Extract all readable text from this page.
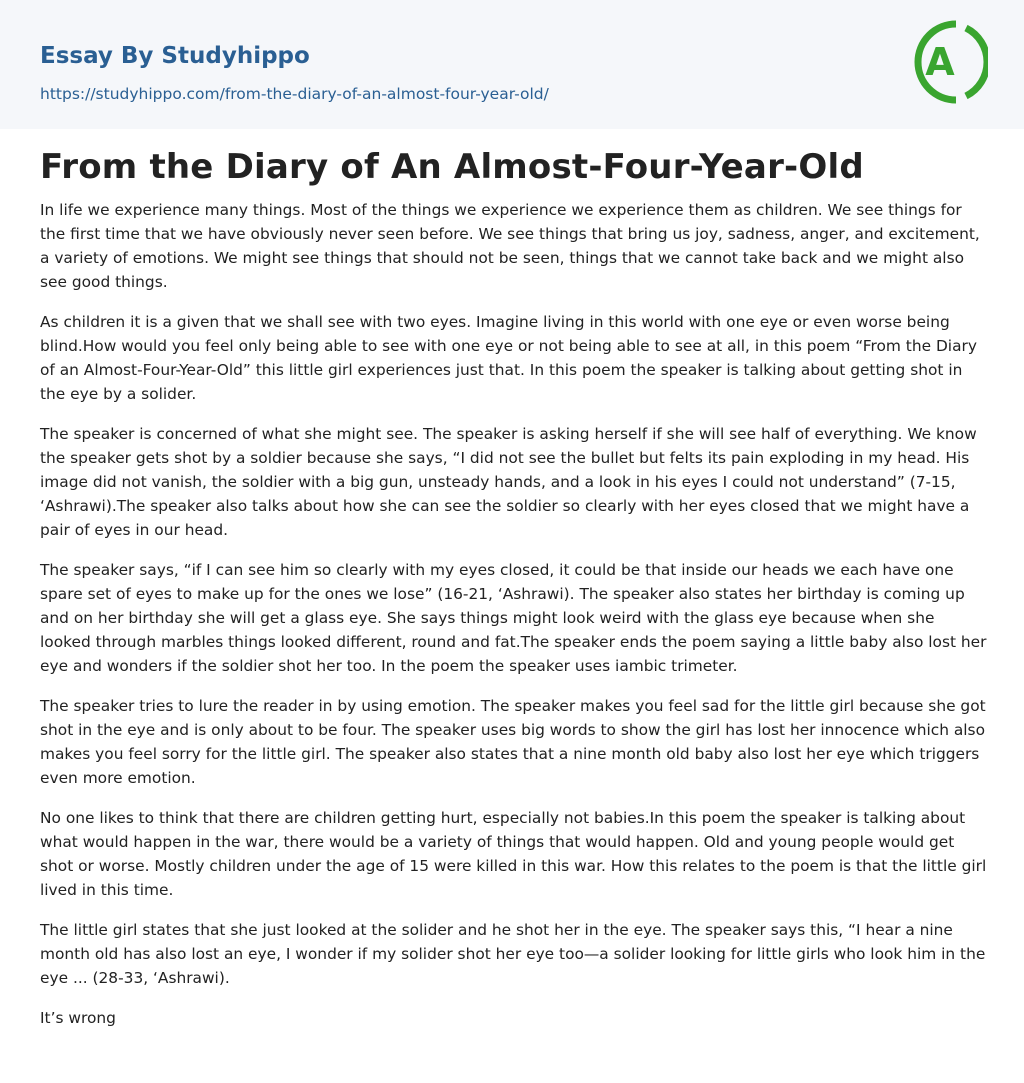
Essay By Studyhippo
https://studyhippo.com/from-the-diary-of-an-almost-four-year-old/
A
From the Diary of An Almost-Four-Year-Old

In life we experience many things. Most of the things we experience we experience them as children. We see things for the first time that we have obviously never seen before. We see things that bring us joy, sadness, anger, and excitement, a variety of emotions. We might see things that should not be seen, things that we cannot take back and we might also see good things.

As children it is a given that we shall see with two eyes. Imagine living in this world with one eye or even worse being blind.How would you feel only being able to see with one eye or not being able to see at all, in this poem “From the Diary of an Almost-Four-Year-Old” this little girl experiences just that. In this poem the speaker is talking about getting shot in the eye by a solider.

The speaker is concerned of what she might see. The speaker is asking herself if she will see half of everything. We know the speaker gets shot by a soldier because she says, “I did not see the bullet but felts its pain exploding in my head. His image did not vanish, the soldier with a big gun, unsteady hands, and a look in his eyes I could not understand” (7-15, ‘Ashrawi).The speaker also talks about how she can see the soldier so clearly with her eyes closed that we might have a pair of eyes in our head.

The speaker says, “if I can see him so clearly with my eyes closed, it could be that inside our heads we each have one spare set of eyes to make up for the ones we lose” (16-21, ‘Ashrawi). The speaker also states her birthday is coming up and on her birthday she will get a glass eye. She says things might look weird with the glass eye because when she looked through marbles things looked different, round and fat.The speaker ends the poem saying a little baby also lost her eye and wonders if the soldier shot her too. In the poem the speaker uses iambic trimeter.

The speaker tries to lure the reader in by using emotion. The speaker makes you feel sad for the little girl because she got shot in the eye and is only about to be four. The speaker uses big words to show the girl has lost her innocence which also makes you feel sorry for the little girl. The speaker also states that a nine month old baby also lost her eye which triggers even more emotion.

No one likes to think that there are children getting hurt, especially not babies.In this poem the speaker is talking about what would happen in the war, there would be a variety of things that would happen. Old and young people would get shot or worse. Mostly children under the age of 15 were killed in this war. How this relates to the poem is that the little girl lived in this time.

The little girl states that she just looked at the solider and he shot her in the eye. The speaker says this, “I hear a nine month old has also lost an eye, I wonder if my solider shot her eye too—a solider looking for little girls who look him in the eye ... (28-33, ‘Ashrawi).

It’s wrong
